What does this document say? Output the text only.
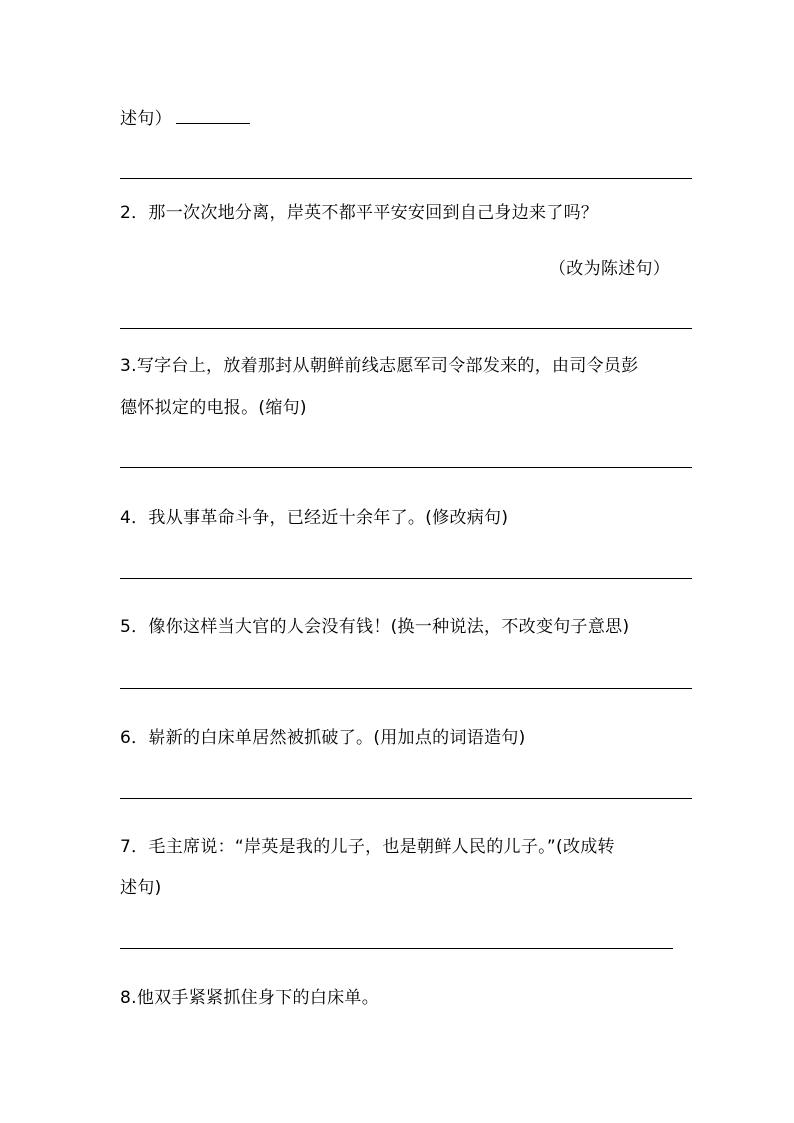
述句）
2．那一次次地分离，岸英不都平平安安回到自己身边来了吗？
（改为陈述句）
3.写字台上，放着那封从朝鲜前线志愿军司令部发来的，由司令员彭
德怀拟定的电报。(缩句)
4．我从事革命斗争，已经近十余年了。(修改病句)
5．像你这样当大官的人会没有钱！(换一种说法，不改变句子意思)
6．崭新的白床单居然被抓破了。(用加点的词语造句)
7．毛主席说：“岸英是我的儿子，也是朝鲜人民的儿子。”(改成转
述句)
8.他双手紧紧抓住身下的白床单。
